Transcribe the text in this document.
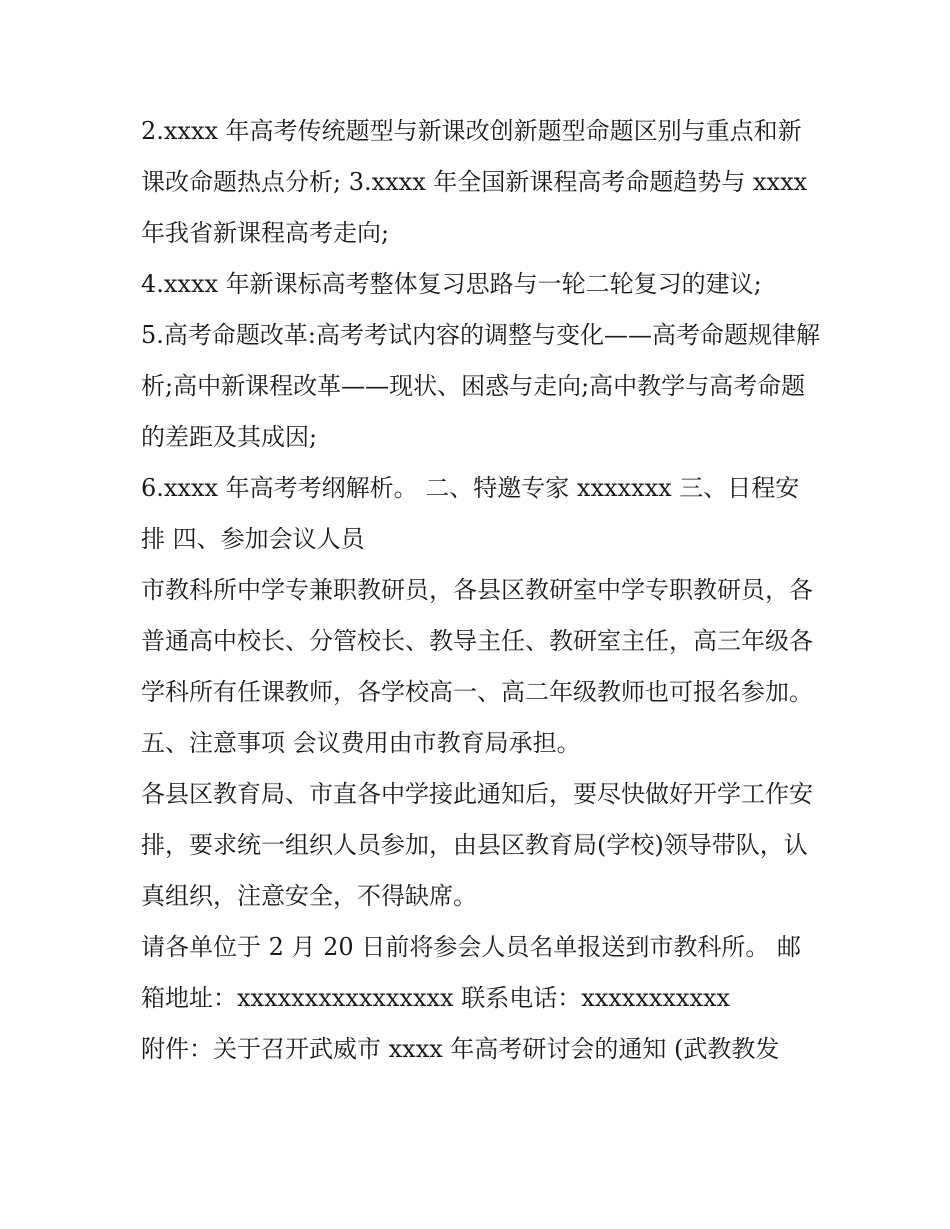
2.xxxx 年高考传统题型与新课改创新题型命题区别与重点和新课改命题热点分析; 3.xxxx 年全国新课程高考命题趋势与 xxxx 年我省新课程高考走向;

4.xxxx 年新课标高考整体复习思路与一轮二轮复习的建议;

5.高考命题改革:高考考试内容的调整与变化——高考命题规律解析;高中新课程改革——现状、困惑与走向;高中教学与高考命题的差距及其成因;

6.xxxx 年高考考纲解析。 二、特邀专家 xxxxxxx 三、日程安排 四、参加会议人员

市教科所中学专兼职教研员，各县区教研室中学专职教研员，各普通高中校长、分管校长、教导主任、教研室主任，高三年级各学科所有任课教师，各学校高一、高二年级教师也可报名参加。

五、注意事项 会议费用由市教育局承担。

各县区教育局、市直各中学接此通知后，要尽快做好开学工作安排，要求统一组织人员参加，由县区教育局(学校)领导带队，认真组织，注意安全，不得缺席。

请各单位于 2 月 20 日前将参会人员名单报送到市教科所。 邮箱地址：xxxxxxxxxxxxxxxx 联系电话：xxxxxxxxxxx

附件：关于召开武威市 xxxx 年高考研讨会的通知 (武教教发
